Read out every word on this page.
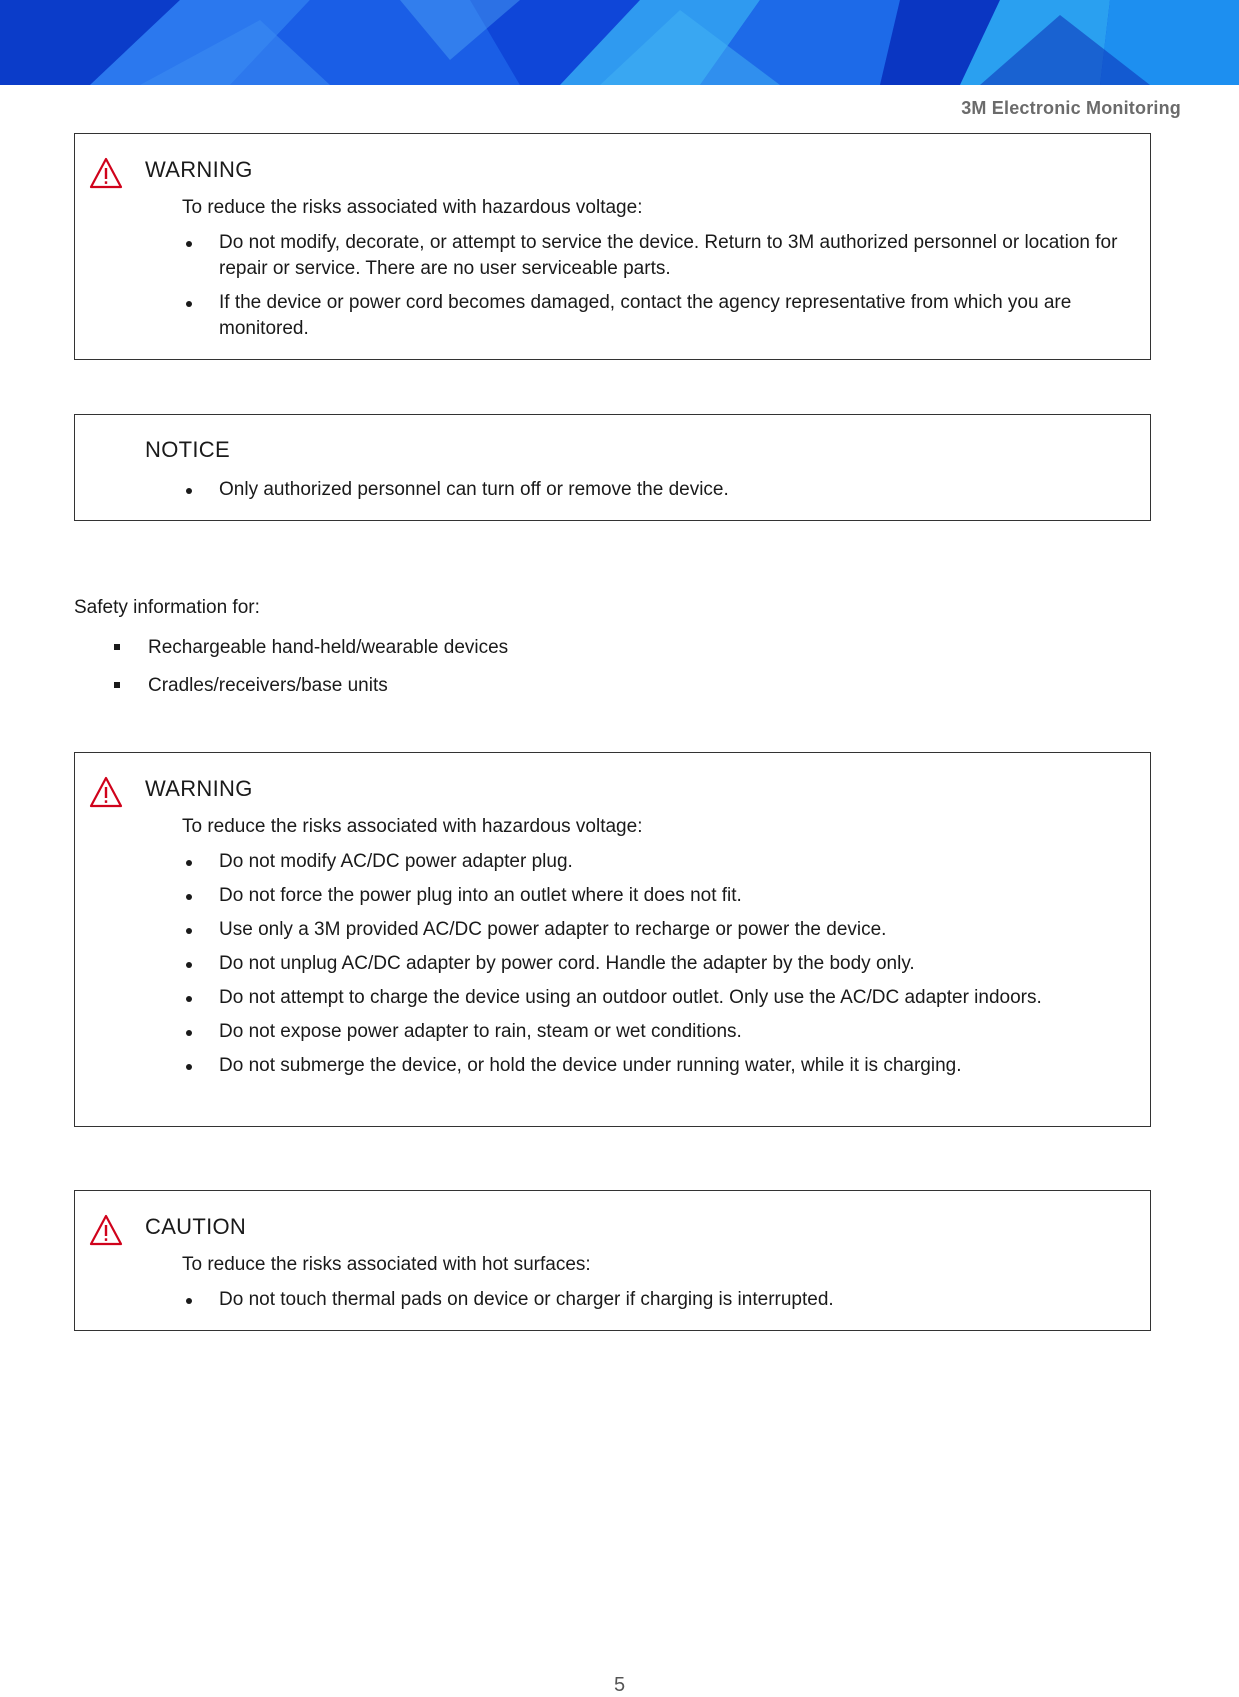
3M Electronic Monitoring
WARNING
To reduce the risks associated with hazardous voltage:
Do not modify, decorate, or attempt to service the device. Return to 3M authorized personnel or location for repair or service. There are no user serviceable parts.
If the device or power cord becomes damaged, contact the agency representative from which you are monitored.
NOTICE
Only authorized personnel can turn off or remove the device.
Safety information for:
Rechargeable hand-held/wearable devices
Cradles/receivers/base units
WARNING
To reduce the risks associated with hazardous voltage:
Do not modify AC/DC power adapter plug.
Do not force the power plug into an outlet where it does not fit.
Use only a 3M provided AC/DC power adapter to recharge or power the device.
Do not unplug AC/DC adapter by power cord. Handle the adapter by the body only.
Do not attempt to charge the device using an outdoor outlet. Only use the AC/DC adapter indoors.
Do not expose power adapter to rain, steam or wet conditions.
Do not submerge the device, or hold the device under running water, while it is charging.
CAUTION
To reduce the risks associated with hot surfaces:
Do not touch thermal pads on device or charger if charging is interrupted.
5
